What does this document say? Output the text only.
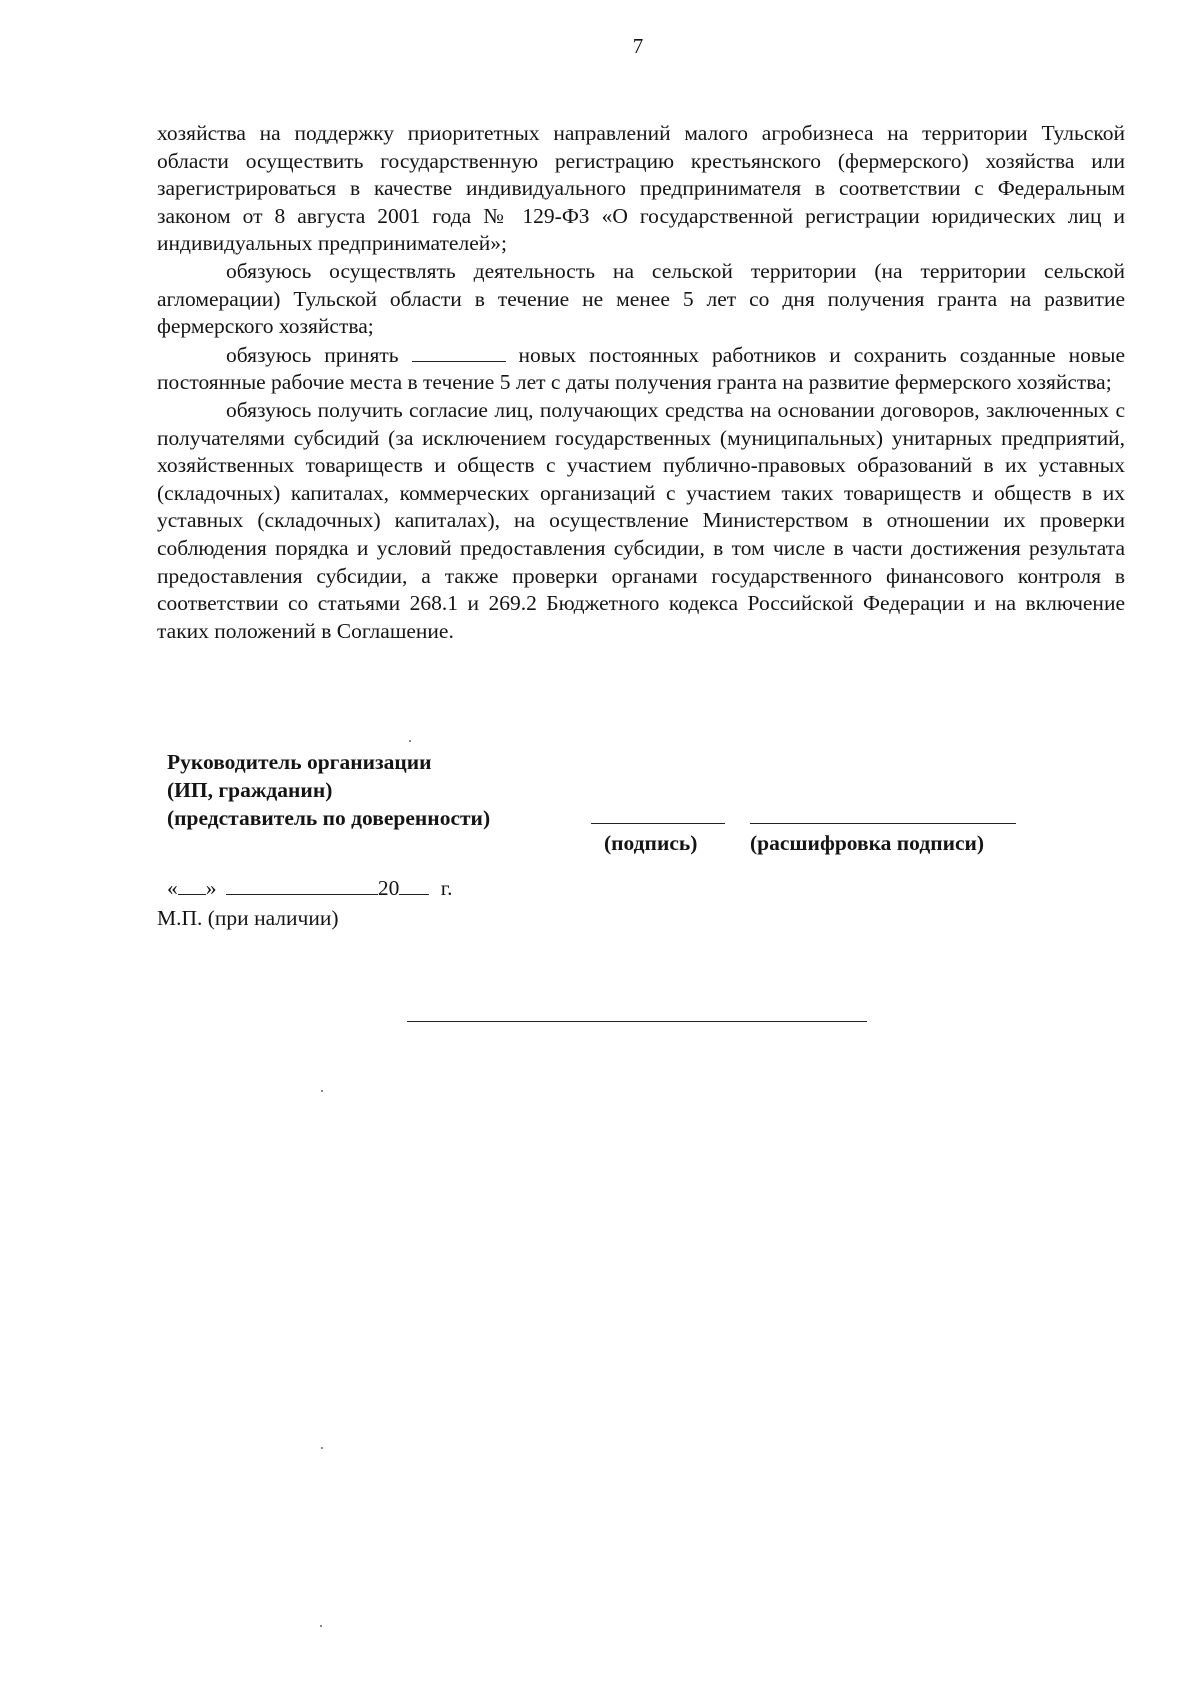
7

хозяйства на поддержку приоритетных направлений малого агробизнеса на территории Тульской области осуществить государственную регистрацию крестьянского (фермерского) хозяйства или зарегистрироваться в качестве индивидуального предпринимателя в соответствии с Федеральным законом от 8 августа 2001 года № 129-ФЗ «О государственной регистрации юридических лиц и индивидуальных предпринимателей»;

обязуюсь осуществлять деятельность на сельской территории (на территории сельской агломерации) Тульской области в течение не менее 5 лет со дня получения гранта на развитие фермерского хозяйства;

обязуюсь принять	новых постоянных работников и сохранить созданные новые постоянные рабочие места в течение 5 лет с даты получения гранта на развитие фермерского хозяйства;

обязуюсь получить согласие лиц, получающих средства на основании договоров, заключенных с получателями субсидий (за исключением государственных (муниципальных) унитарных предприятий, хозяйственных товариществ и обществ с участием публично-правовых образований в их уставных (складочных) капиталах, коммерческих организаций с участием таких товариществ и обществ в их уставных (складочных) капиталах), на осуществление Министерством в отношении их проверки соблюдения порядка и условий предоставления субсидии, в том числе в части достижения результата предоставления субсидии, а также проверки органами государственного финансового контроля в соответствии со статьями 268.1 и 269.2 Бюджетного кодекса Российской Федерации и на включение таких положений в Соглашение.

Руководитель организации
(ИП, гражданин)
(представитель по доверенности)
(подпись) (расшифровка подписи)
« »	20 г.
М.П. (при наличии)
